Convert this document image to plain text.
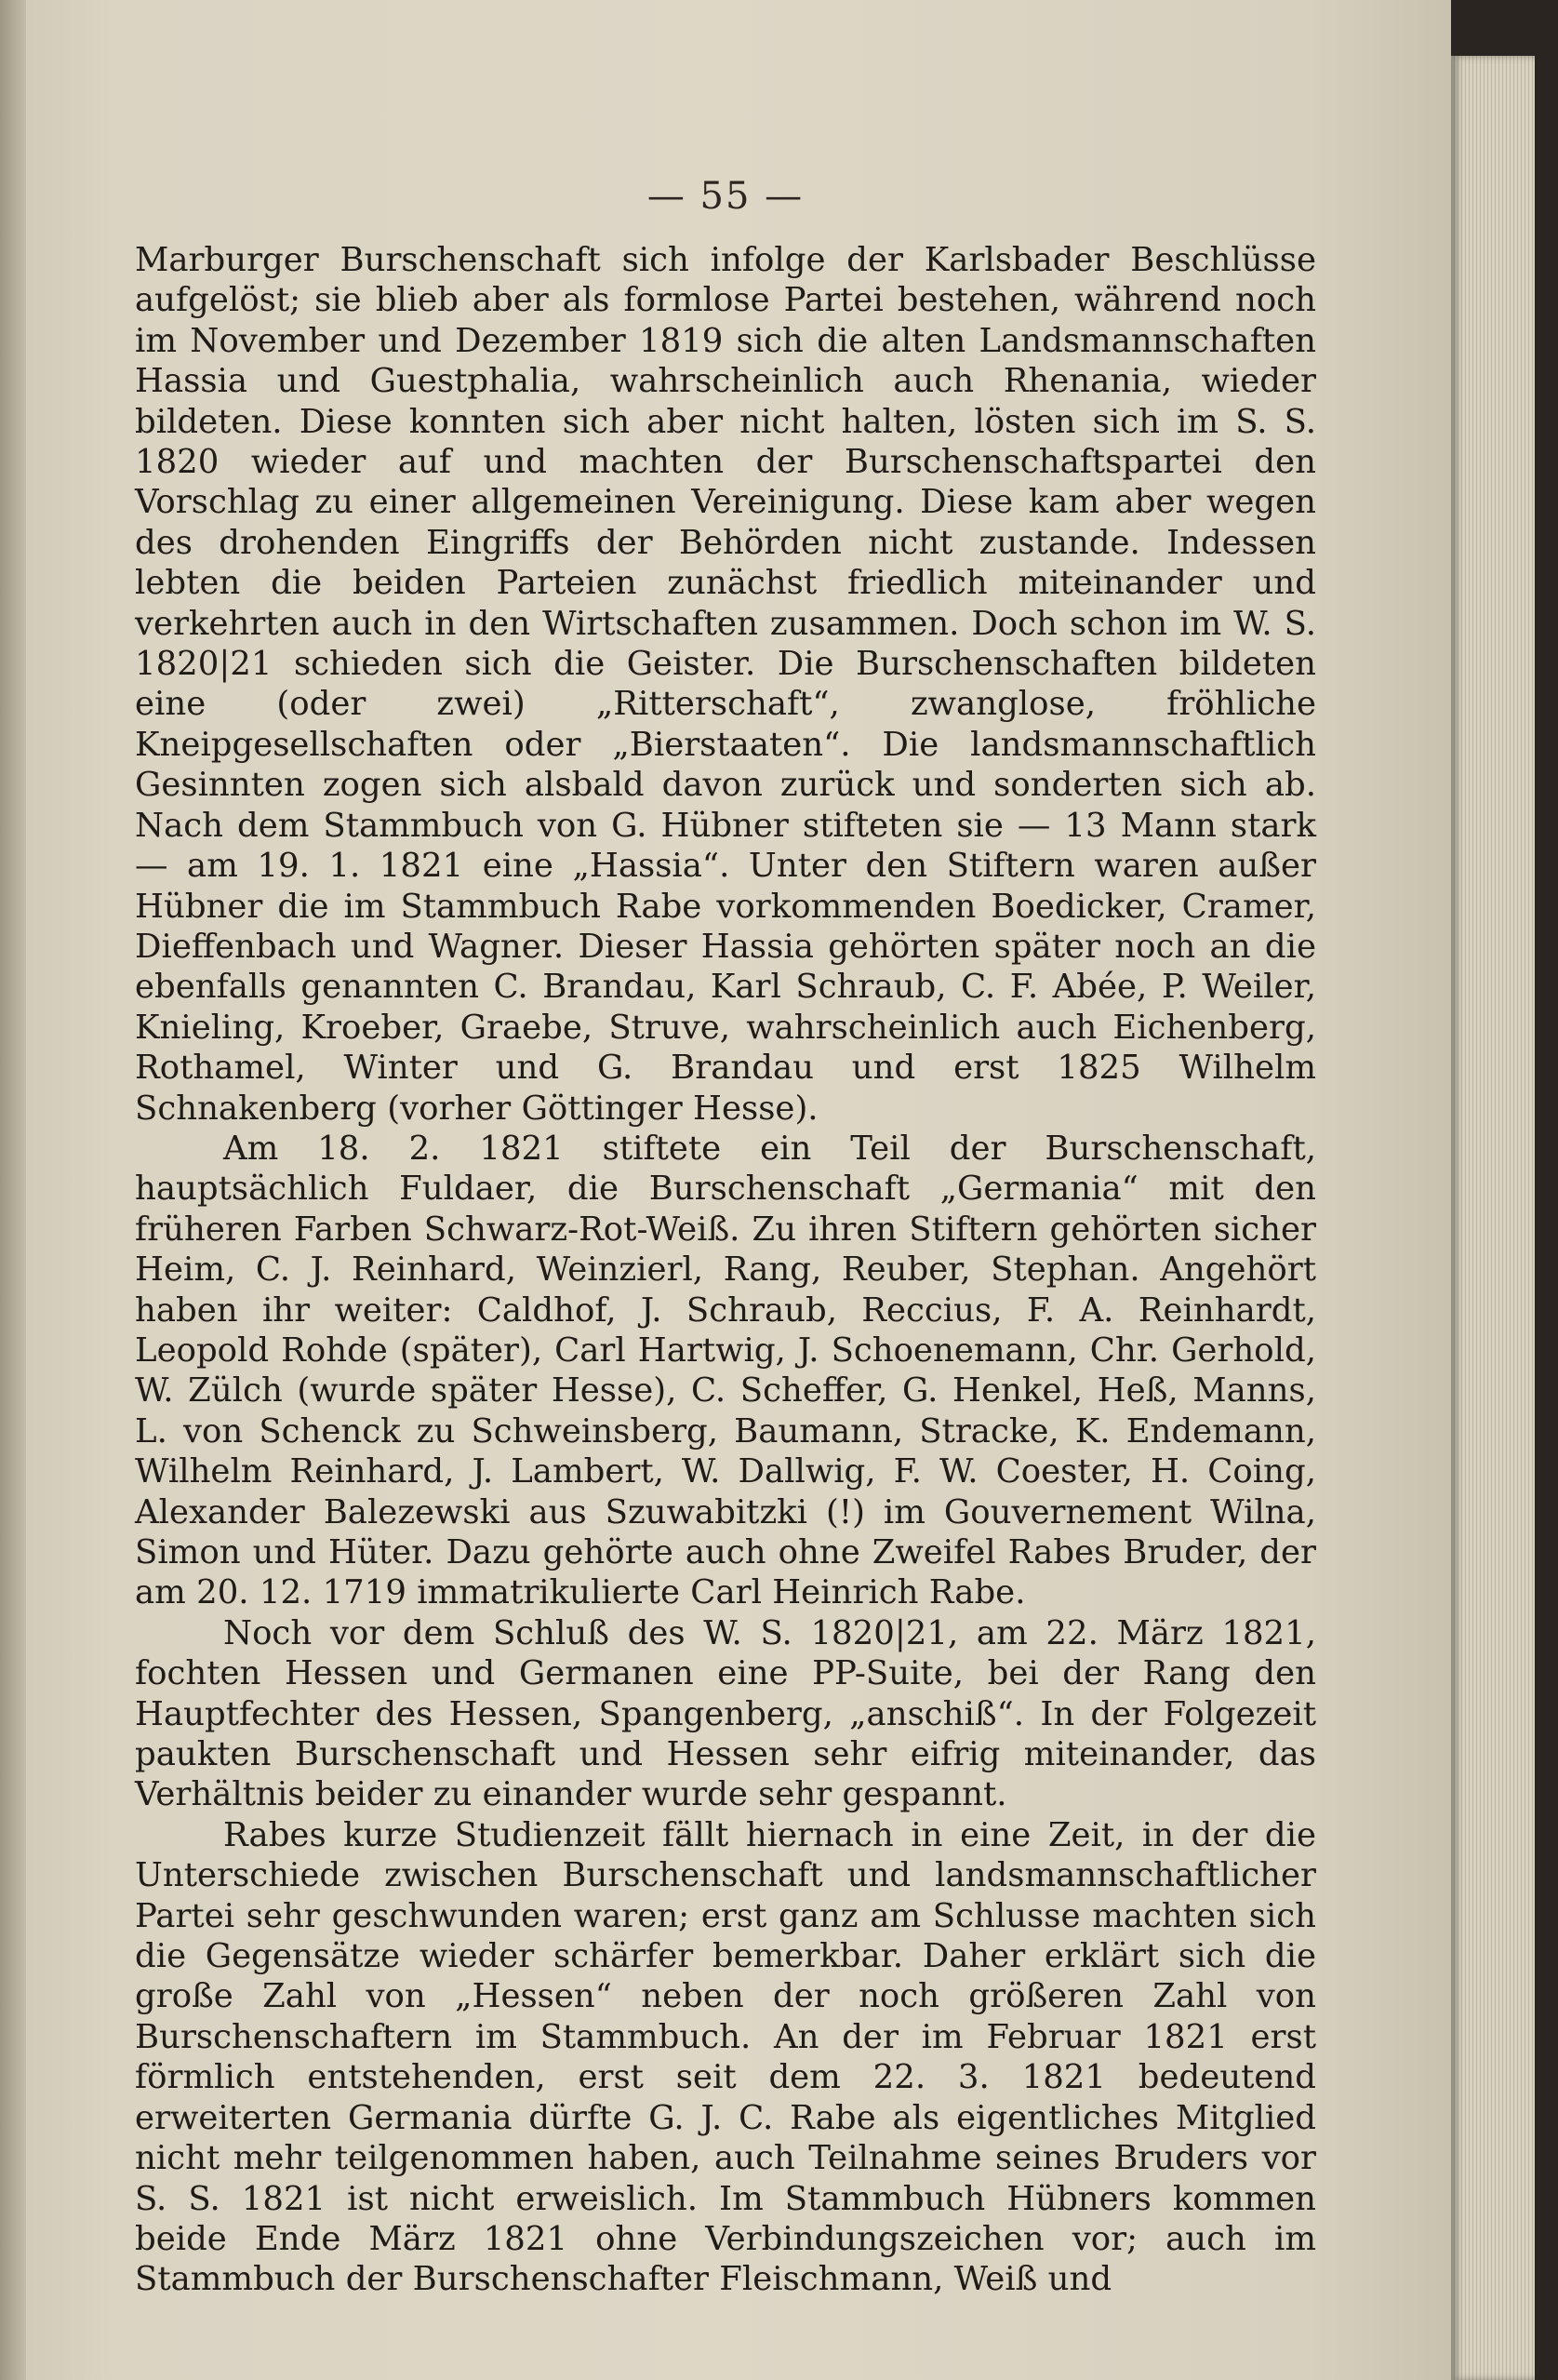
— 55 —

Marburger Burschenschaft sich infolge der Karlsbader Beschlüsse aufgelöst; sie blieb aber als formlose Partei bestehen, während noch im November und Dezember 1819 sich die alten Landsmannschaften Hassia und Guestphalia, wahrscheinlich auch Rhenania, wieder bildeten. Diese konnten sich aber nicht halten, lösten sich im S. S. 1820 wieder auf und machten der Burschenschaftspartei den Vorschlag zu einer allgemeinen Vereinigung. Diese kam aber wegen des drohenden Eingriffs der Behörden nicht zustande. Indessen lebten die beiden Parteien zunächst friedlich miteinander und verkehrten auch in den Wirtschaften zusammen. Doch schon im W. S. 1820|21 schieden sich die Geister. Die Burschenschaften bildeten eine (oder zwei) „Ritterschaft“, zwanglose, fröhliche Kneipgesellschaften oder „Bierstaaten“. Die landsmannschaftlich Gesinnten zogen sich alsbald davon zurück und sonderten sich ab. Nach dem Stammbuch von G. Hübner stifteten sie — 13 Mann stark — am 19. 1. 1821 eine „Hassia“. Unter den Stiftern waren außer Hübner die im Stammbuch Rabe vorkommenden Boedicker, Cramer, Dieffenbach und Wagner. Dieser Hassia gehörten später noch an die ebenfalls genannten C. Brandau, Karl Schraub, C. F. Abée, P. Weiler, Knieling, Kroeber, Graebe, Struve, wahrscheinlich auch Eichenberg, Rothamel, Winter und G. Brandau und erst 1825 Wilhelm Schnakenberg (vorher Göttinger Hesse).

Am 18. 2. 1821 stiftete ein Teil der Burschenschaft, hauptsächlich Fuldaer, die Burschenschaft „Germania“ mit den früheren Farben Schwarz-Rot-Weiß. Zu ihren Stiftern gehörten sicher Heim, C. J. Reinhard, Weinzierl, Rang, Reuber, Stephan. Angehört haben ihr weiter: Caldhof, J. Schraub, Reccius, F. A. Reinhardt, Leopold Rohde (später), Carl Hartwig, J. Schoenemann, Chr. Gerhold, W. Zülch (wurde später Hesse), C. Scheffer, G. Henkel, Heß, Manns, L. von Schenck zu Schweinsberg, Baumann, Stracke, K. Endemann, Wilhelm Reinhard, J. Lambert, W. Dallwig, F. W. Coester, H. Coing, Alexander Balezewski aus Szuwabitzki (!) im Gouvernement Wilna, Simon und Hüter. Dazu gehörte auch ohne Zweifel Rabes Bruder, der am 20. 12. 1719 immatrikulierte Carl Heinrich Rabe.

Noch vor dem Schluß des W. S. 1820|21, am 22. März 1821, fochten Hessen und Germanen eine PP-Suite, bei der Rang den Hauptfechter des Hessen, Spangenberg, „anschiß“. In der Folgezeit paukten Burschenschaft und Hessen sehr eifrig miteinander, das Verhältnis beider zu einander wurde sehr gespannt.

Rabes kurze Studienzeit fällt hiernach in eine Zeit, in der die Unterschiede zwischen Burschenschaft und landsmannschaftlicher Partei sehr geschwunden waren; erst ganz am Schlusse machten sich die Gegensätze wieder schärfer bemerkbar. Daher erklärt sich die große Zahl von „Hessen“ neben der noch größeren Zahl von Burschenschaftern im Stammbuch. An der im Februar 1821 erst förmlich entstehenden, erst seit dem 22. 3. 1821 bedeutend erweiterten Germania dürfte G. J. C. Rabe als eigentliches Mitglied nicht mehr teilgenommen haben, auch Teilnahme seines Bruders vor S. S. 1821 ist nicht erweislich. Im Stammbuch Hübners kommen beide Ende März 1821 ohne Verbindungszeichen vor; auch im Stammbuch der Burschenschafter Fleischmann, Weiß und
